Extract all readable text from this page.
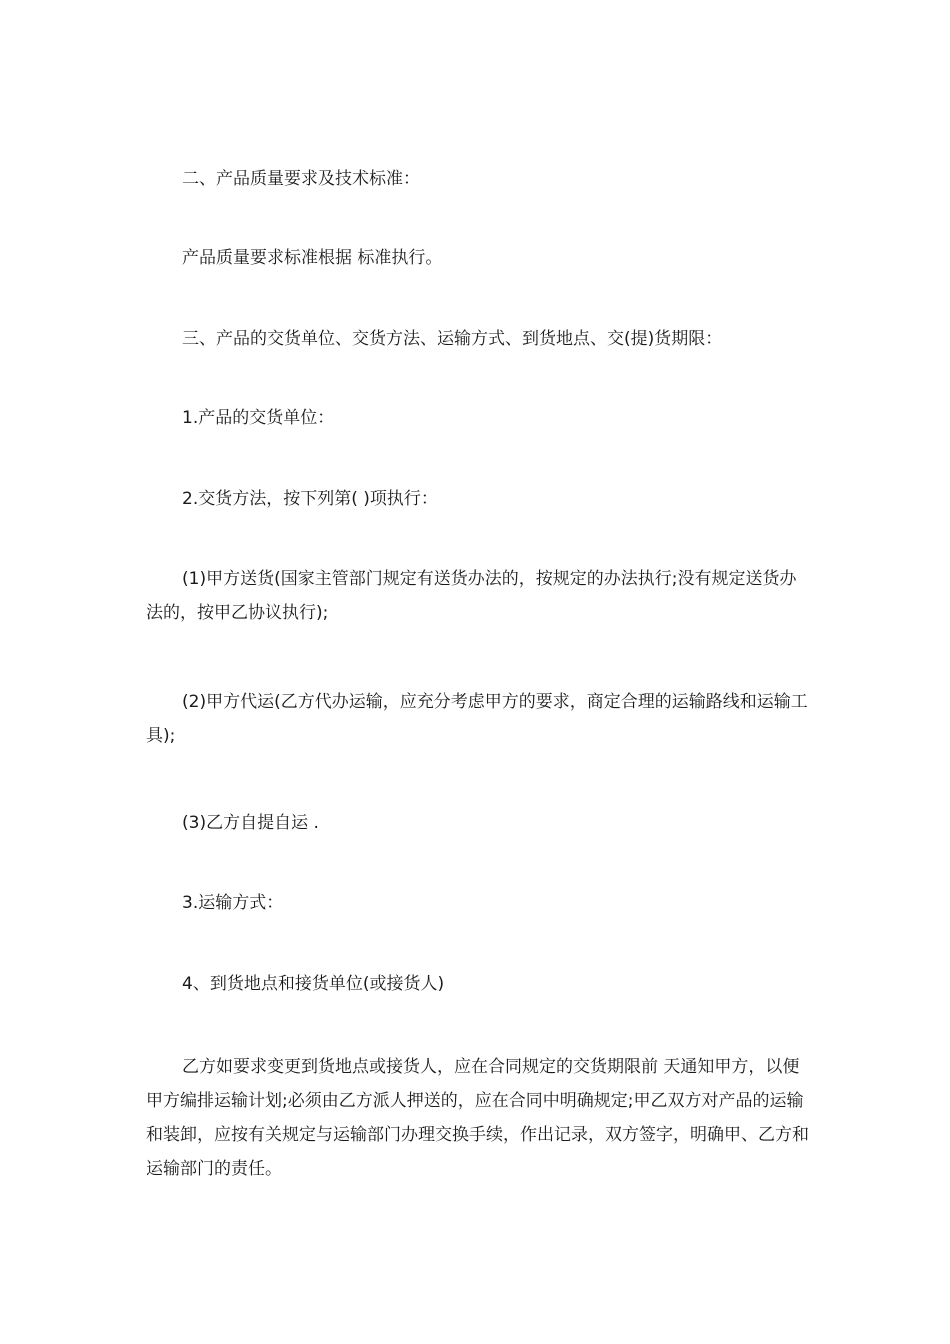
二、产品质量要求及技术标准：

产品质量要求标准根据 标准执行。

三、产品的交货单位、交货方法、运输方式、到货地点、交(提)货期限：

1.产品的交货单位：

2.交货方法，按下列第( )项执行：

(1)甲方送货(国家主管部门规定有送货办法的，按规定的办法执行;没有规定送货办法的，按甲乙协议执行);

(2)甲方代运(乙方代办运输，应充分考虑甲方的要求，商定合理的运输路线和运输工具);

(3)乙方自提自运 .

3.运输方式：

4、到货地点和接货单位(或接货人)

乙方如要求变更到货地点或接货人，应在合同规定的交货期限前 天通知甲方，以便甲方编排运输计划;必须由乙方派人押送的，应在合同中明确规定;甲乙双方对产品的运输和装卸，应按有关规定与运输部门办理交换手续，作出记录，双方签字，明确甲、乙方和运输部门的责任。
